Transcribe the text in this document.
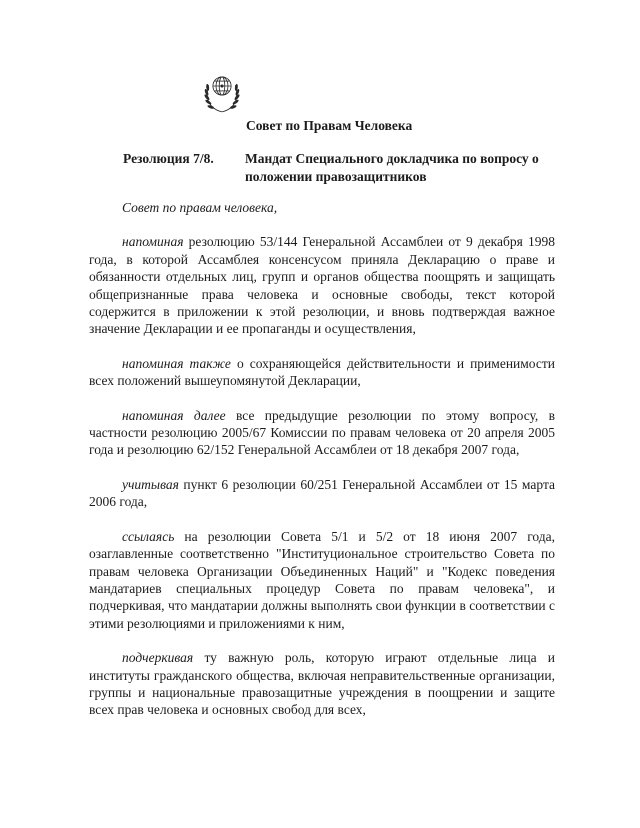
Совет по Правам Человека
Резолюция 7/8.	Мандат Специального докладчика по вопросу о положении правозащитников

Совет по правам человека,

напоминая резолюцию 53/144 Генеральной Ассамблеи от 9 декабря 1998 года, в которой Ассамблея консенсусом приняла Декларацию о праве и обязанности отдельных лиц, групп и органов общества поощрять и защищать общепризнанные права человека и основные свободы, текст которой содержится в приложении к этой резолюции, и вновь подтверждая важное значение Декларации и ее пропаганды и осуществления,

напоминая также о сохраняющейся действительности и применимости всех положений вышеупомянутой Декларации,

напоминая далее все предыдущие резолюции по этому вопросу, в частности резолюцию 2005/67 Комиссии по правам человека от 20 апреля 2005 года и резолюцию 62/152 Генеральной Ассамблеи от 18 декабря 2007 года,

учитывая пункт 6 резолюции 60/251 Генеральной Ассамблеи от 15 марта 2006 года,

ссылаясь на резолюции Совета 5/1 и 5/2 от 18 июня 2007 года, озаглавленные соответственно "Институциональное строительство Совета по правам человека Организации Объединенных Наций" и "Кодекс поведения мандатариев специальных процедур Совета по правам человека", и подчеркивая, что мандатарии должны выполнять свои функции в соответствии с этими резолюциями и приложениями к ним,

подчеркивая ту важную роль, которую играют отдельные лица и институты гражданского общества, включая неправительственные организации, группы и национальные правозащитные учреждения в поощрении и защите всех прав человека и основных свобод для всех,
